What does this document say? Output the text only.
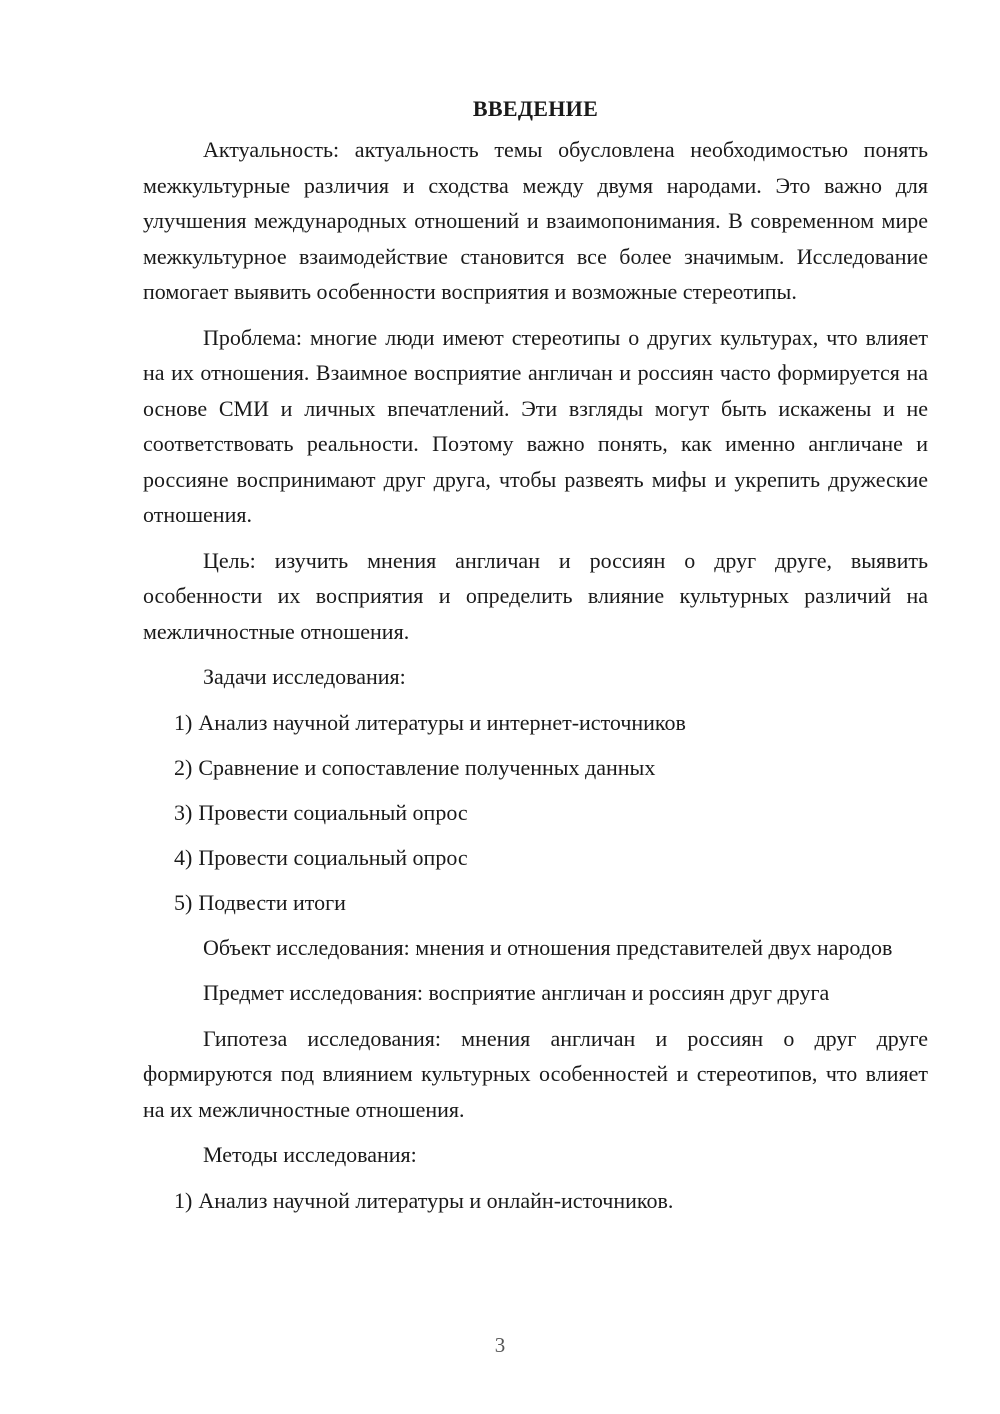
ВВЕДЕНИЕ

Актуальность: актуальность темы обусловлена необходимостью понять межкультурные различия и сходства между двумя народами. Это важно для улучшения международных отношений и взаимопонимания. В современном мире межкультурное взаимодействие становится все более значимым. Исследование помогает выявить особенности восприятия и возможные стереотипы.

Проблема: многие люди имеют стереотипы о других культурах, что влияет на их отношения. Взаимное восприятие англичан и россиян часто формируется на основе СМИ и личных впечатлений. Эти взгляды могут быть искажены и не соответствовать реальности. Поэтому важно понять, как именно англичане и россияне воспринимают друг друга, чтобы развеять мифы и укрепить дружеские отношения.

Цель: изучить мнения англичан и россиян о друг друге, выявить особенности их восприятия и определить влияние культурных различий на межличностные отношения.

Задачи исследования:

1) Анализ научной литературы и интернет-источников
2) Сравнение и сопоставление полученных данных
3) Провести социальный опрос
4) Провести социальный опрос
5) Подвести итоги

Объект исследования: мнения и отношения представителей двух народов

Предмет исследования: восприятие англичан и россиян друг друга

Гипотеза исследования: мнения англичан и россиян о друг друге формируются под влиянием культурных особенностей и стереотипов, что влияет на их межличностные отношения.

Методы исследования:

1) Анализ научной литературы и онлайн-источников.
3
